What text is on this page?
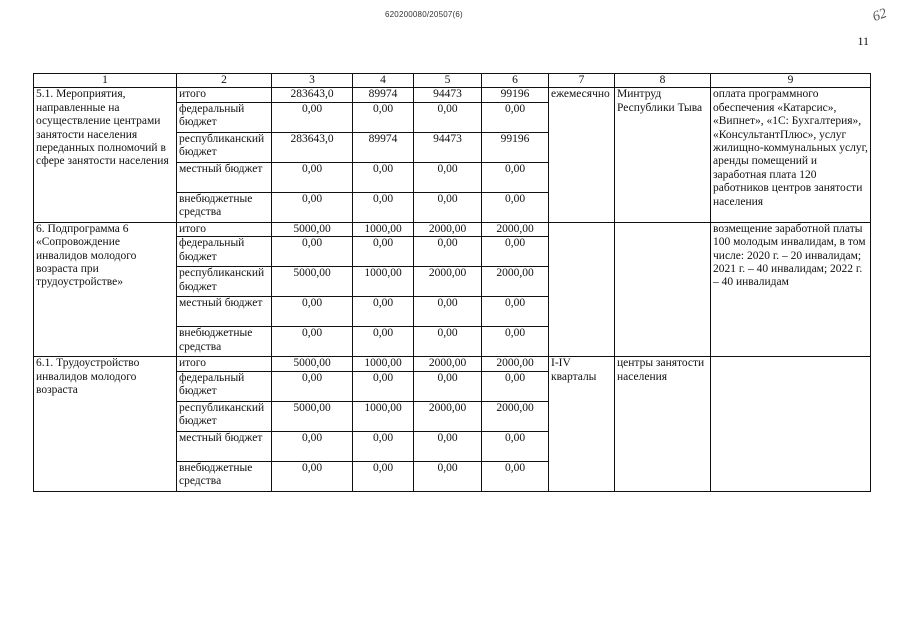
620200080/20507(6)	62
11
1	2	3	4	5	6	7	8	9
5.1. Мероприятия, направленные на осуществление центрами занятости населения переданных полномочий в сфере занятости населения	итого	283643,0	89974	94473	99196	ежемесячно	Минтруд Республики Тыва	оплата программного обеспечения «Катарсис», «Випнет», «1С: Бухгалтерия», «КонсультантПлюс», услуг жилищно-коммунальных услуг, аренды помещений и заработная плата 120 работников центров занятости населения
	федеральный бюджет	0,00	0,00	0,00	0,00			
	республиканский бюджет	283643,0	89974	94473	99196			
	местный бюджет	0,00	0,00	0,00	0,00			
	внебюджетные средства	0,00	0,00	0,00	0,00			
6. Подпрограмма 6 «Сопровождение инвалидов молодого возраста при трудоустройстве»	итого	5000,00	1000,00	2000,00	2000,00			возмещение заработной платы 100 молодым инвалидам, в том числе: 2020 г. – 20 инвалидам; 2021 г. – 40 инвалидам; 2022 г. – 40 инвалидам
	федеральный бюджет	0,00	0,00	0,00	0,00			
	республиканский бюджет	5000,00	1000,00	2000,00	2000,00			
	местный бюджет	0,00	0,00	0,00	0,00			
	внебюджетные средства	0,00	0,00	0,00	0,00			
6.1. Трудоустройство инвалидов молодого возраста	итого	5000,00	1000,00	2000,00	2000,00	I-IV кварталы	центры занятости населения	
	федеральный бюджет	0,00	0,00	0,00	0,00			
	республиканский бюджет	5000,00	1000,00	2000,00	2000,00			
	местный бюджет	0,00	0,00	0,00	0,00			
	внебюджетные средства	0,00	0,00	0,00	0,00			
